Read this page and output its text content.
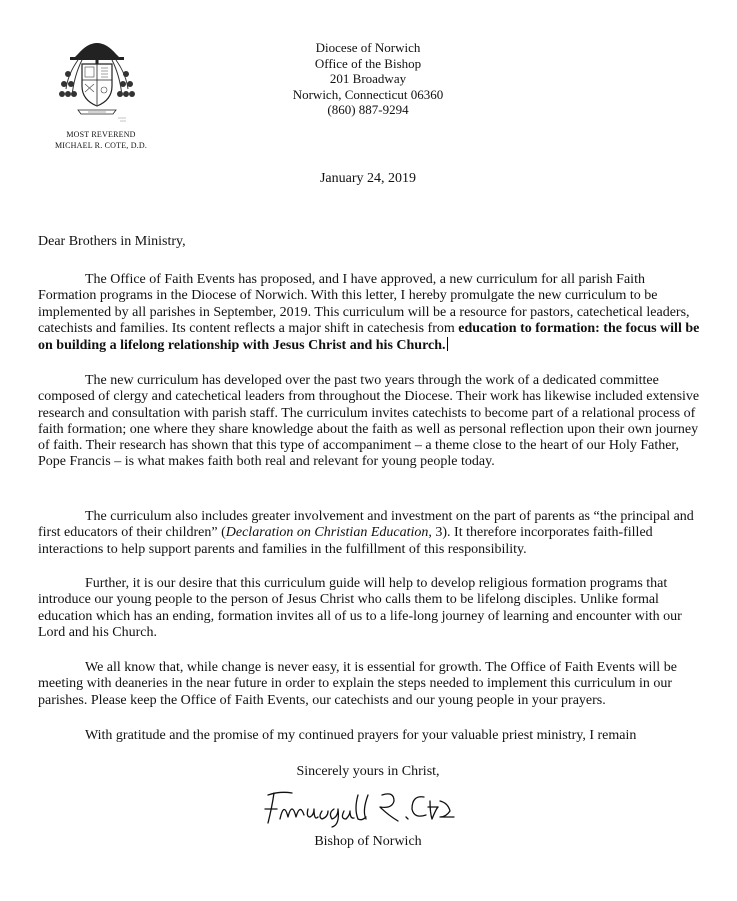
MOST REVEREND
MICHAEL R. COTE, D.D.
Diocese of Norwich
Office of the Bishop
201 Broadway
Norwich, Connecticut 06360
(860) 887-9294
January 24, 2019
Dear Brothers in Ministry,

The Office of Faith Events has proposed, and I have approved, a new curriculum for all parish Faith Formation programs in the Diocese of Norwich. With this letter, I hereby promulgate the new curriculum to be implemented by all parishes in September, 2019. This curriculum will be a resource for pastors, catechetical leaders, catechists and families. Its content reflects a major shift in catechesis from education to formation: the focus will be on building a lifelong relationship with Jesus Christ and his Church.

The new curriculum has developed over the past two years through the work of a dedicated committee composed of clergy and catechetical leaders from throughout the Diocese. Their work has likewise included extensive research and consultation with parish staff. The curriculum invites catechists to become part of a relational process of faith formation; one where they share knowledge about the faith as well as personal reflection upon their own journey of faith. Their research has shown that this type of accompaniment – a theme close to the heart of our Holy Father, Pope Francis – is what makes faith both real and relevant for young people today.

The curriculum also includes greater involvement and investment on the part of parents as “the principal and first educators of their children” (Declaration on Christian Education, 3). It therefore incorporates faith-filled interactions to help support parents and families in the fulfillment of this responsibility.

Further, it is our desire that this curriculum guide will help to develop religious formation programs that introduce our young people to the person of Jesus Christ who calls them to be lifelong disciples. Unlike formal education which has an ending, formation invites all of us to a life-long journey of learning and encounter with our Lord and his Church.

We all know that, while change is never easy, it is essential for growth. The Office of Faith Events will be meeting with deaneries in the near future in order to explain the steps needed to implement this curriculum in our parishes. Please keep the Office of Faith Events, our catechists and our young people in your prayers.

With gratitude and the promise of my continued prayers for your valuable priest ministry, I remain

Sincerely yours in Christ,
Bishop of Norwich
